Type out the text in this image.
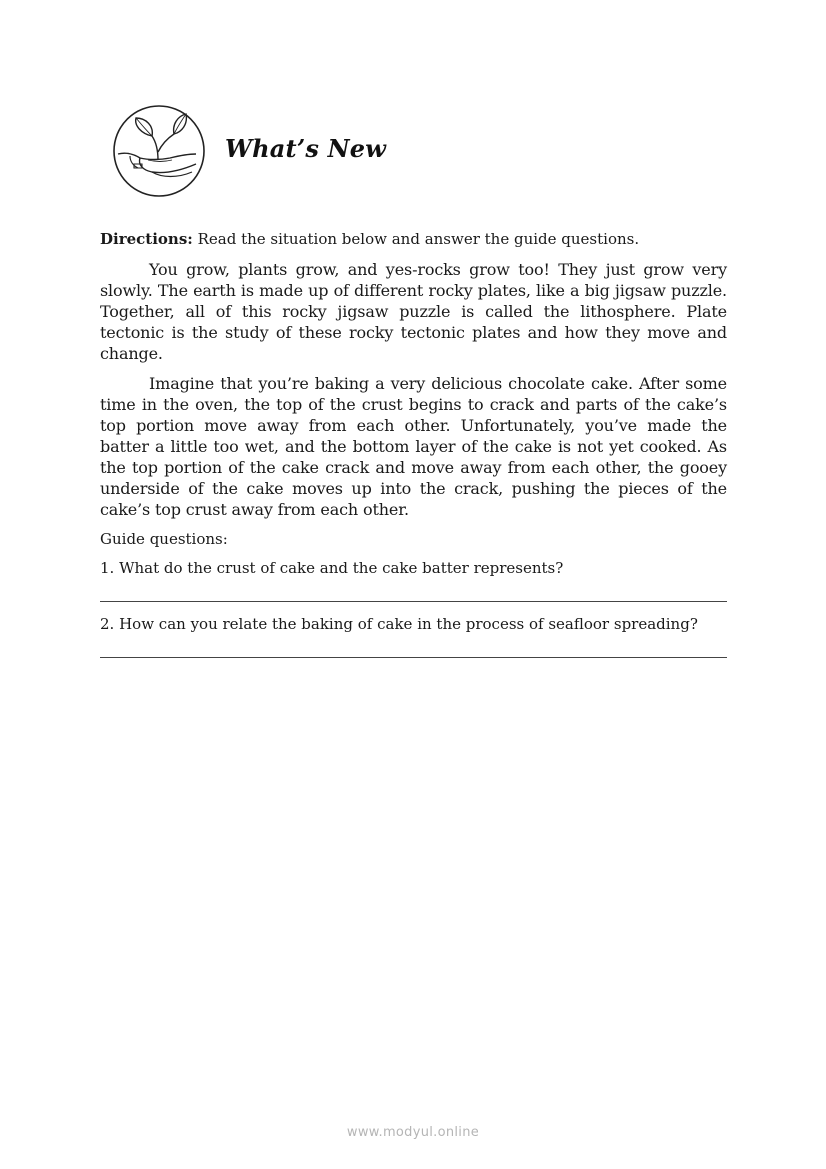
What’s New

Directions: Read the situation below and answer the guide questions.

You grow, plants grow, and yes-rocks grow too! They just grow very slowly. The earth is made up of different rocky plates, like a big jigsaw puzzle. Together, all of this rocky jigsaw puzzle is called the lithosphere. Plate tectonic is the study of these rocky tectonic plates and how they move and change.

Imagine that you’re baking a very delicious chocolate cake. After some time in the oven, the top of the crust begins to crack and parts of the cake’s top portion move away from each other. Unfortunately, you’ve made the batter a little too wet, and the bottom layer of the cake is not yet cooked. As the top portion of the cake crack and move away from each other, the gooey underside of the cake moves up into the crack, pushing the pieces of the cake’s top crust away from each other.

Guide questions:

1. What do the crust of cake and the cake batter represents?

2. How can you relate the baking of cake in the process of seafloor spreading?

www.modyul.online
